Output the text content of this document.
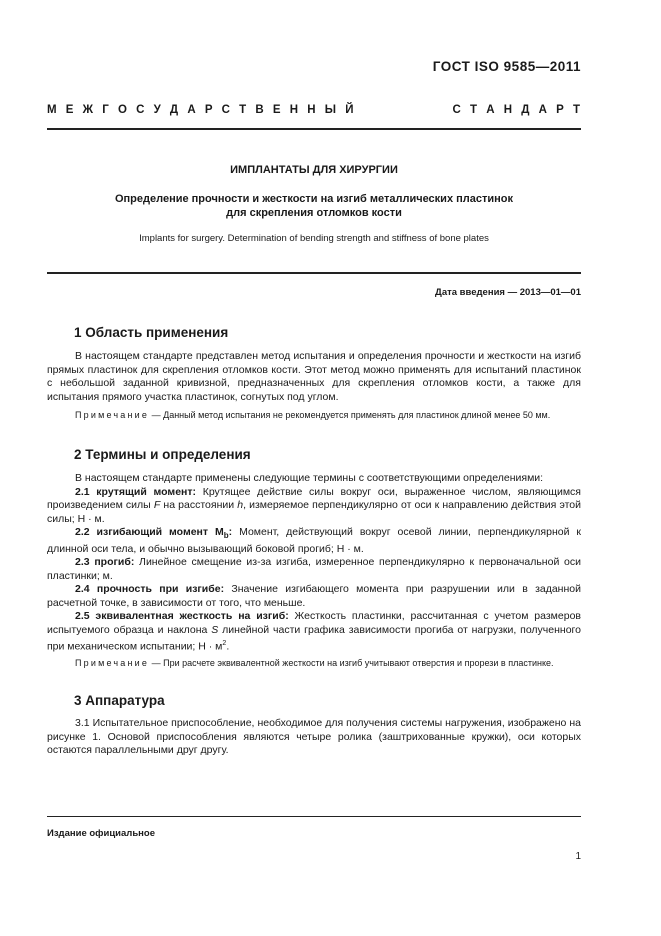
ГОСТ ISO 9585—2011
М Е Ж Г О С У Д А Р С Т В Е Н Н Ы Й	С Т А Н Д А Р Т
ИМПЛАНТАТЫ ДЛЯ ХИРУРГИИ
Определение прочности и жесткости на изгиб металлических пластинок
для скрепления отломков кости
Implants for surgery. Determination of bending strength and stiffness of bone plates
Дата введения — 2013—01—01
1 Область применения

В настоящем стандарте представлен метод испытания и определения прочности и жесткости на изгиб прямых пластинок для скрепления отломков кости. Этот метод можно применять для испытаний пластинок с небольшой заданной кривизной, предназначенных для скрепления отломков кости, а также для испытания прямого участка пластинок, согнутых под углом.

Примечание — Данный метод испытания не рекомендуется применять для пластинок длиной менее 50 мм.

2 Термины и определения

В настоящем стандарте применены следующие термины с соответствующими определениями:

2.1 крутящий момент: Крутящее действие силы вокруг оси, выраженное числом, являющимся произведением силы F на расстоянии h, измеряемое перпендикулярно от оси к направлению действия этой силы; Н · м.

2.2 изгибающий момент $M_b$: Момент, действующий вокруг осевой линии, перпендикулярной к длинной оси тела, и обычно вызывающий боковой прогиб; Н · м.

2.3 прогиб: Линейное смещение из-за изгиба, измеренное перпендикулярно к первоначальной оси пластинки; м.

2.4 прочность при изгибе: Значение изгибающего момента при разрушении или в заданной расчетной точке, в зависимости от того, что меньше.

2.5 эквивалентная жесткость на изгиб: Жесткость пластинки, рассчитанная с учетом размеров испытуемого образца и наклона S линейной части графика зависимости прогиба от нагрузки, полученного при механическом испытании; $Н \cdot м^2$.

Примечание — При расчете эквивалентной жесткости на изгиб учитывают отверстия и прорези в пластинке.

3 Аппаратура

3.1 Испытательное приспособление, необходимое для получения системы нагружения, изображено на рисунке 1. Основой приспособления являются четыре ролика (заштрихованные кружки), оси которых остаются параллельными друг другу.

Издание официальное
1
